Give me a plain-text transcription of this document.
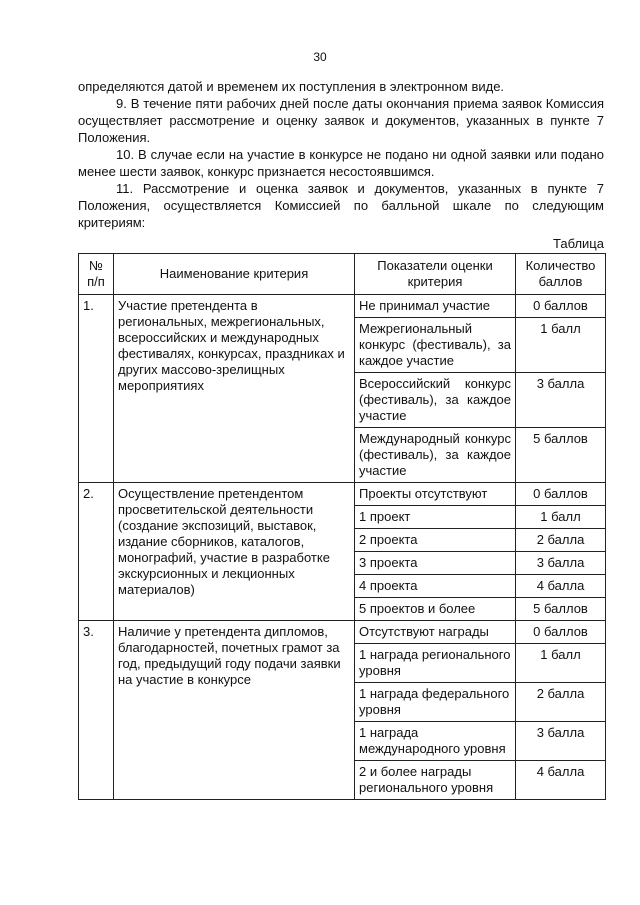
30

определяются датой и временем их поступления в электронном виде.

9. В течение пяти рабочих дней после даты окончания приема заявок Комиссия осуществляет рассмотрение и оценку заявок и документов, указанных в пункте 7 Положения.

10. В случае если на участие в конкурсе не подано ни одной заявки или подано менее шести заявок, конкурс признается несостоявшимся.

11. Рассмотрение и оценка заявок и документов, указанных в пункте 7 Положения, осуществляется Комиссией по балльной шкале по следующим критериям:

Таблица
№ п/п	Наименование критерия	Показатели оценки критерия	Количество баллов
1.	Участие претендента в региональных, межрегиональных, всероссийских и международных фестивалях, конкурсах, праздниках и других массово-зрелищных мероприятиях	Не принимал участие	0 баллов
		Межрегиональный конкурс (фестиваль), за каждое участие	1 балл
		Всероссийский конкурс (фестиваль), за каждое участие	3 балла
		Международный конкурс (фестиваль), за каждое участие	5 баллов
2.	Осуществление претендентом просветительской деятельности (создание экспозиций, выставок, издание сборников, каталогов, монографий, участие в разработке экскурсионных и лекционных материалов)	Проекты отсутствуют	0 баллов
		1 проект	1 балл
		2 проекта	2 балла
		3 проекта	3 балла
		4 проекта	4 балла
		5 проектов и более	5 баллов
3.	Наличие у претендента дипломов, благодарностей, почетных грамот за год, предыдущий году подачи заявки на участие в конкурсе	Отсутствуют награды	0 баллов
		1 награда регионального уровня	1 балл
		1 награда федерального уровня	2 балла
		1 награда международного уровня	3 балла
		2 и более награды регионального уровня	4 балла
